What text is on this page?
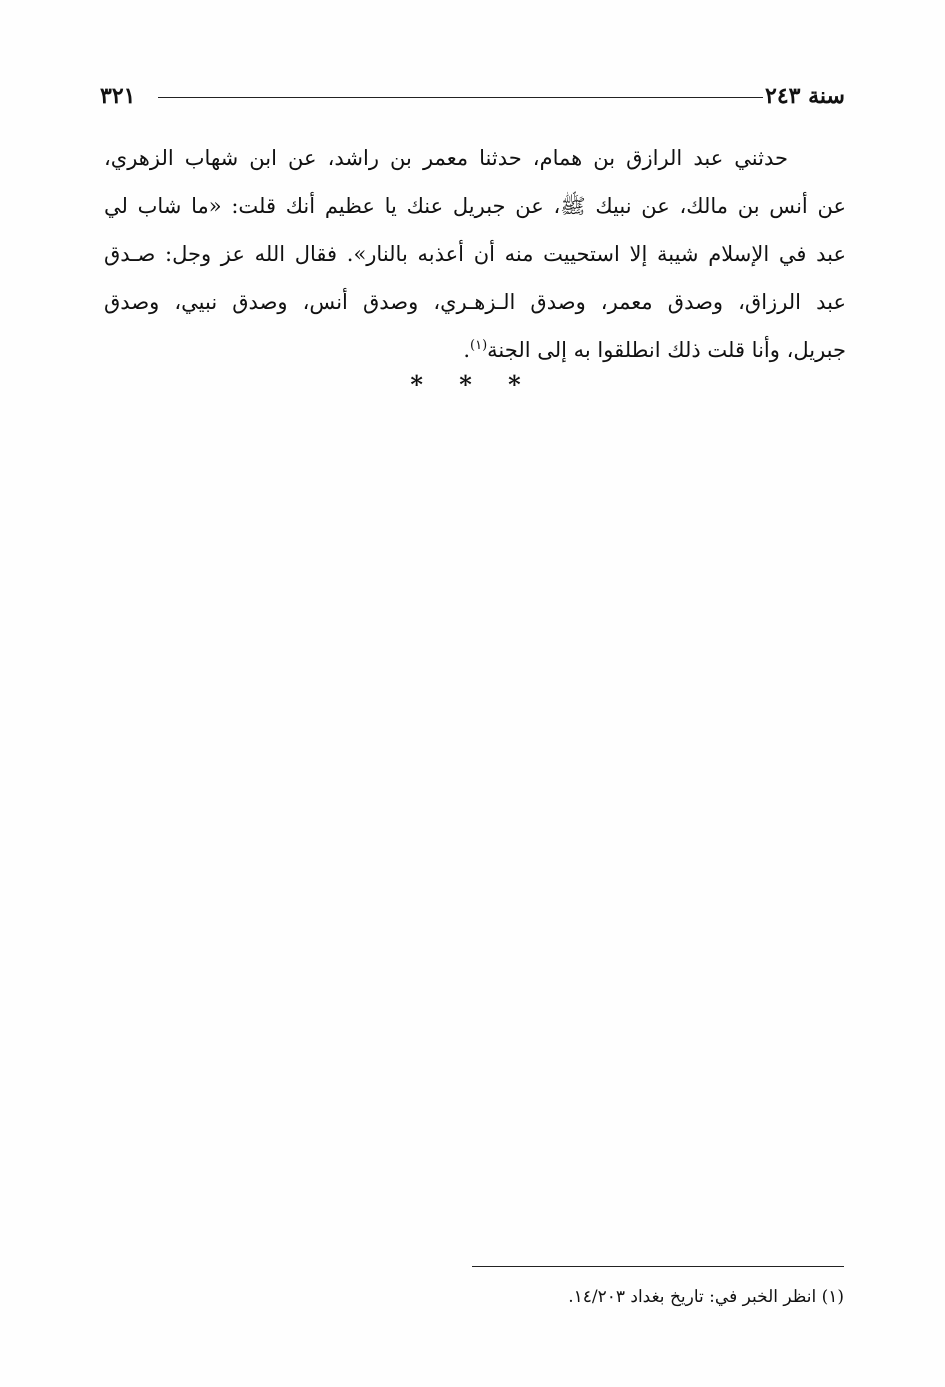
سنة ٢٤٣
٣٢١
حدثني عبد الرازق بن همام، حدثنا معمر بن راشد، عن ابن شهاب الزهري،
عن أنس بن مالك، عن نبيك ﷺ، عن جبريل عنك يا عظيم أنك قلت: «ما شاب لي
عبد في الإسلام شيبة إلا استحييت منه أن أعذبه بالنار». فقال الله عز وجل: صـدق
عبد الرزاق، وصدق معمر، وصدق الـزهـري، وصدق أنس، وصدق نبيي، وصدق
جبريل، وأنا قلت ذلك انطلقوا به إلى الجنة$^{(١)}$.
* * *
(١) انظر الخبر في: تاريخ بغداد ١٤/٢٠٣.
